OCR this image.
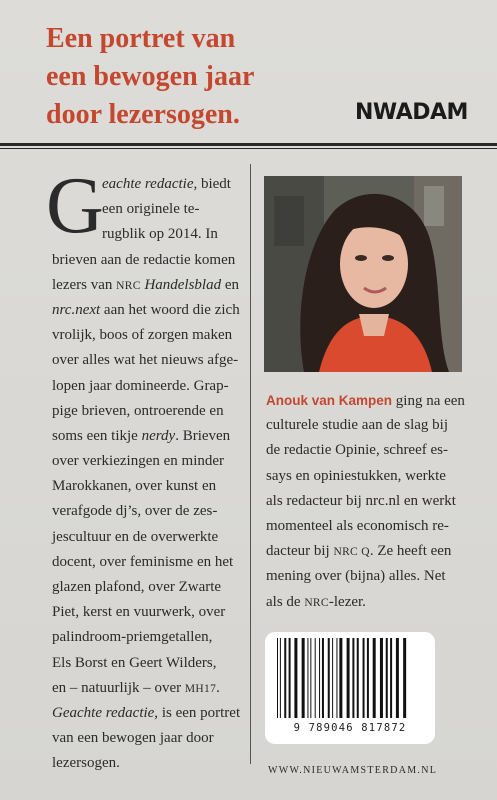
Een portret van
een bewogen jaar
door lezersogen.	NWADAM
G
eachte redactie, biedt
een originele te-
rugblik op 2014. In
brieven aan de redactie komen
lezers van NRC Handelsblad en
nrc.next aan het woord die zich
vrolijk, boos of zorgen maken
over alles wat het nieuws afge-
lopen jaar domineerde. Grap-
pige brieven, ontroerende en
soms een tikje nerdy. Brieven
over verkiezingen en minder
Marokkanen, over kunst en
verafgode dj’s, over de zes-
jescultuur en de overwerkte
docent, over feminisme en het
glazen plafond, over Zwarte
Piet, kerst en vuurwerk, over
palindroom-priemgetallen,
Els Borst en Geert Wilders,
en – natuurlijk – over MH17.
Geachte redactie, is een portret
van een bewogen jaar door
lezersogen.
Anouk van Kampen ging na een
culturele studie aan de slag bij
de redactie Opinie, schreef es-
says en opiniestukken, werkte
als redacteur bij nrc.nl en werkt
momenteel als economisch re-
dacteur bij NRC Q. Ze heeft een
mening over (bijna) alles. Net
als de NRC-lezer.
9 789046 817872
WWW.NIEUWAMSTERDAM.NL
